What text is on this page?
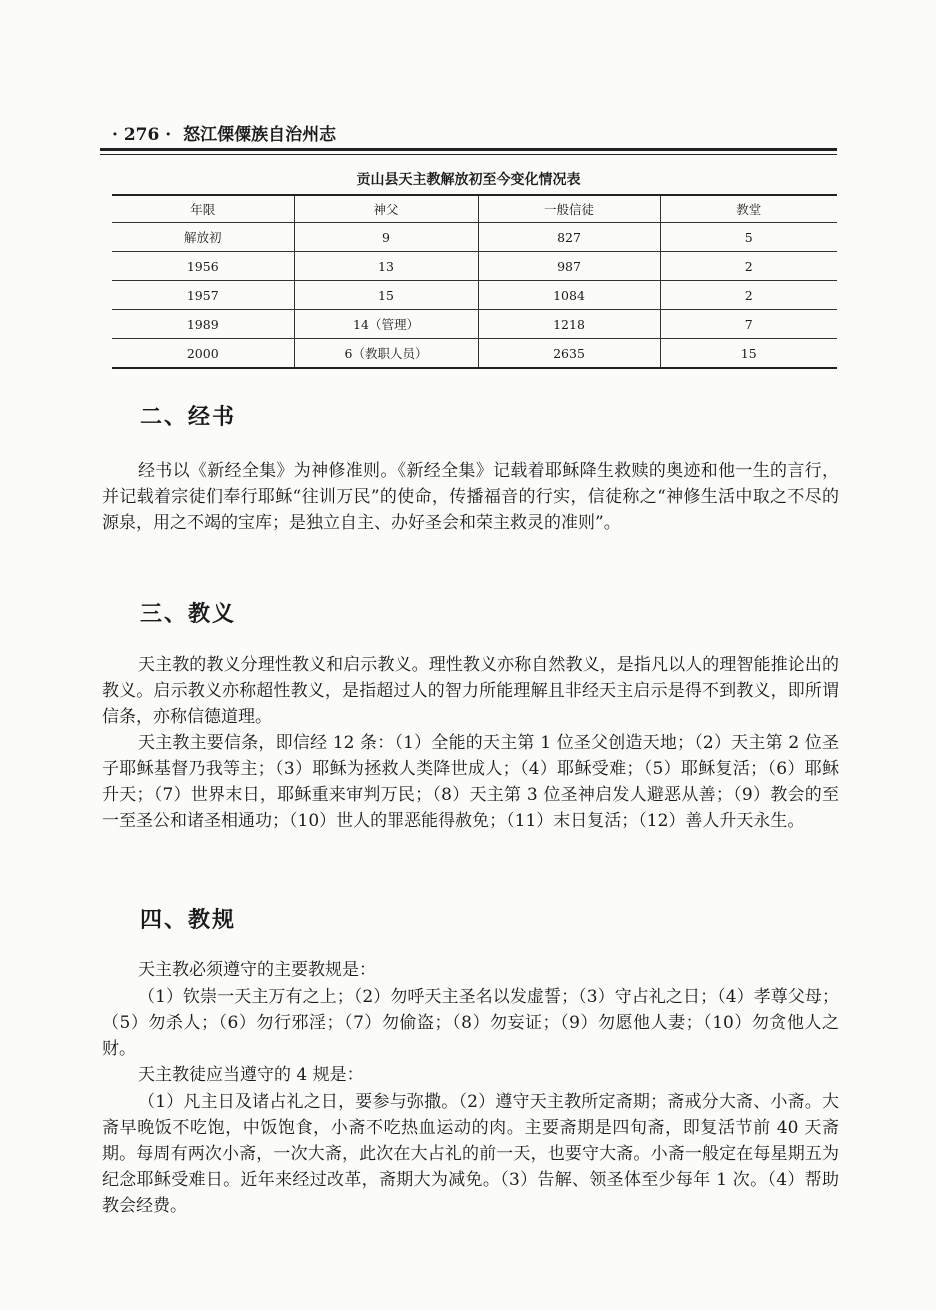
· 276 · 怒江傈僳族自治州志
贡山县天主教解放初至今变化情况表
年限	神父	一般信徒	教堂
解放初	9	827	5
1956	13	987	2
1957	15	1084	2
1989	14（管理）	1218	7
2000	6（教职人员）	2635	15
二、经书

经书以《新经全集》为神修准则。《新经全集》记载着耶稣降生救赎的奥迹和他一生的言行，并记载着宗徒们奉行耶稣“往训万民”的使命，传播福音的行实，信徒称之“神修生活中取之不尽的源泉，用之不竭的宝库；是独立自主、办好圣会和荣主救灵的准则”。

三、教义

天主教的教义分理性教义和启示教义。理性教义亦称自然教义，是指凡以人的理智能推论出的教义。启示教义亦称超性教义，是指超过人的智力所能理解且非经天主启示是得不到教义，即所谓信条，亦称信德道理。

天主教主要信条，即信经 12 条：（1）全能的天主第 1 位圣父创造天地；（2）天主第 2 位圣子耶稣基督乃我等主；（3）耶稣为拯救人类降世成人；（4）耶稣受难；（5）耶稣复活；（6）耶稣升天；（7）世界末日，耶稣重来审判万民；（8）天主第 3 位圣神启发人避恶从善；（9）教会的至一至圣公和诸圣相通功；（10）世人的罪恶能得赦免；（11）末日复活；（12）善人升天永生。

四、教规

天主教必须遵守的主要教规是：

（1）钦崇一天主万有之上；（2）勿呼天主圣名以发虚誓；（3）守占礼之日；（4）孝尊父母；（5）勿杀人；（6）勿行邪淫；（7）勿偷盗；（8）勿妄证；（9）勿愿他人妻；（10）勿贪他人之财。

天主教徒应当遵守的 4 规是：

（1）凡主日及诸占礼之日，要参与弥撒。（2）遵守天主教所定斋期；斋戒分大斋、小斋。大斋早晚饭不吃饱，中饭饱食，小斋不吃热血运动的肉。主要斋期是四旬斋，即复活节前 40 天斋期。每周有两次小斋，一次大斋，此次在大占礼的前一天，也要守大斋。小斋一般定在每星期五为纪念耶稣受难日。近年来经过改革，斋期大为减免。（3）告解、领圣体至少每年 1 次。（4）帮助教会经费。
